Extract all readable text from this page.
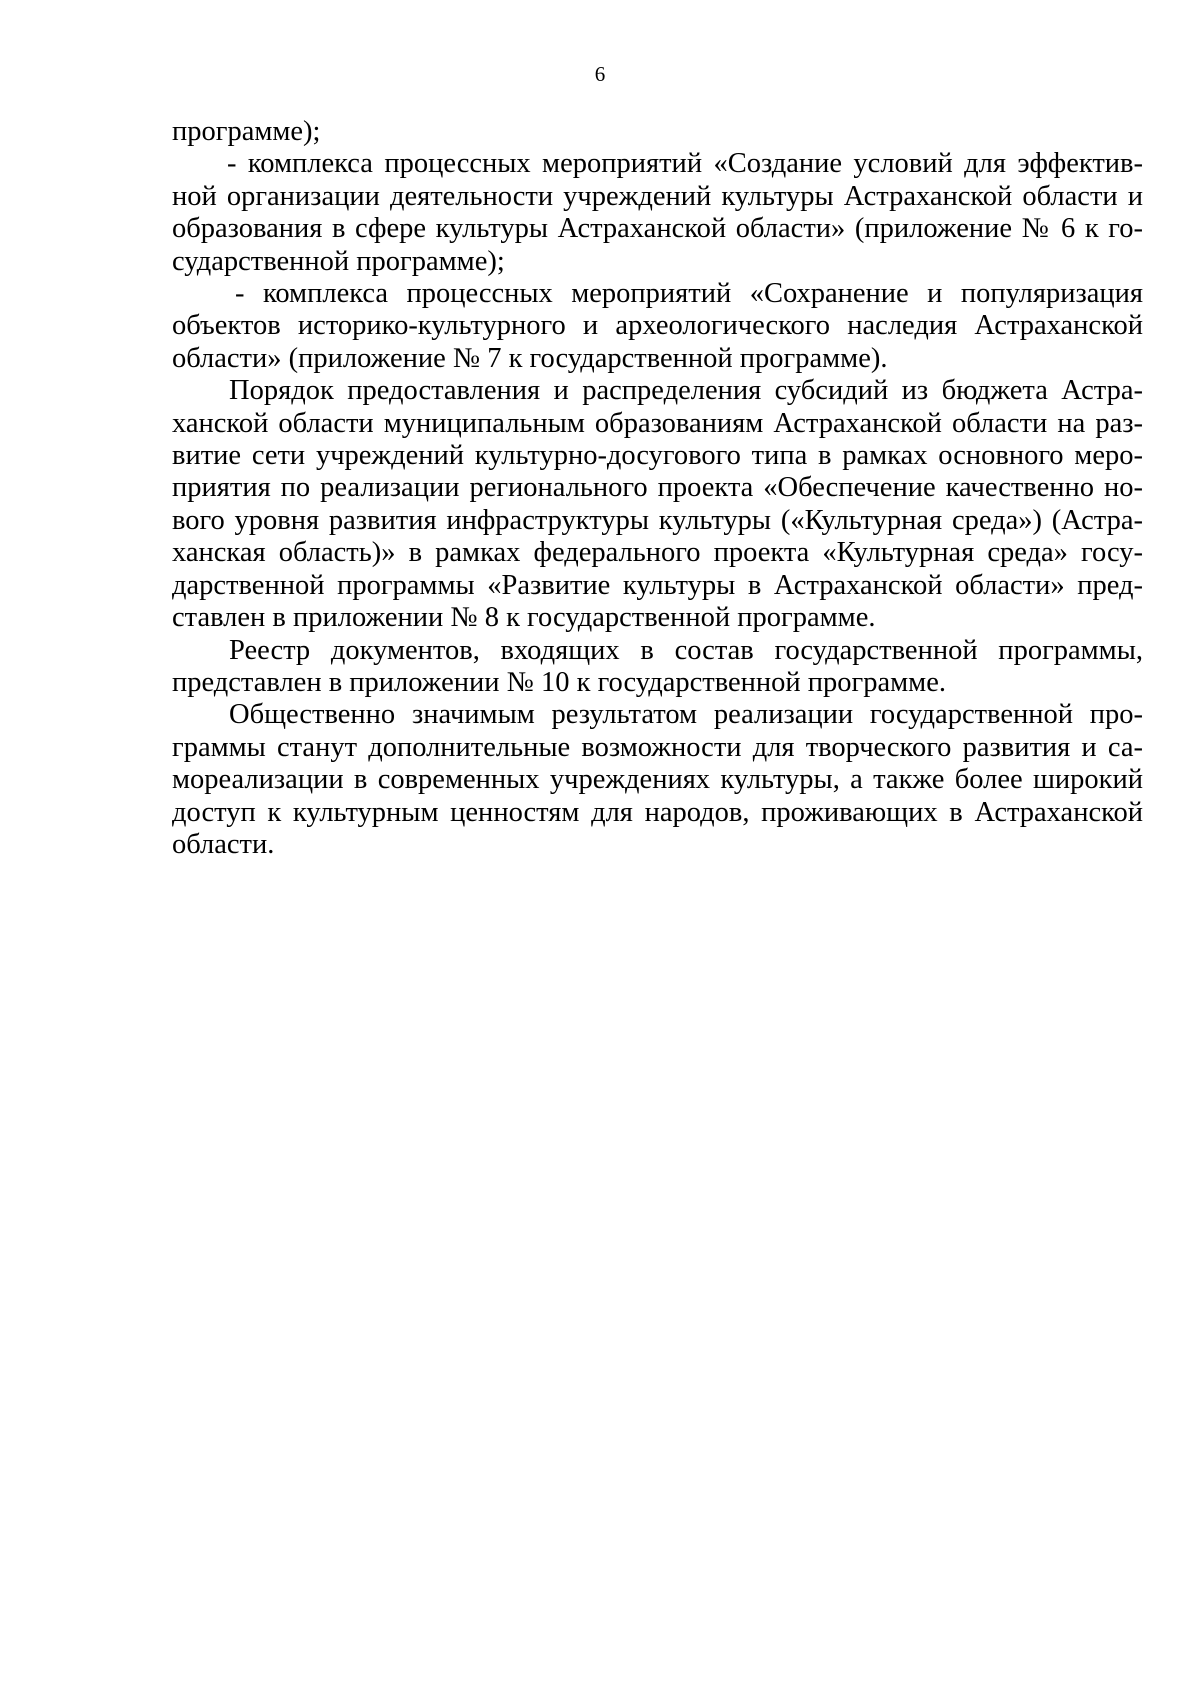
6

программе);

- комплекса процессных мероприятий «Создание условий для эффектив-
ной организации деятельности учреждений культуры Астраханской области и
образования в сфере культуры Астраханской области» (приложение № 6 к го-
сударственной программе);

- комплекса процессных мероприятий «Сохранение и популяризация
объектов историко-культурного и археологического наследия Астраханской
области» (приложение № 7 к государственной программе).

Порядок предоставления и распределения субсидий из бюджета Астра-
ханской области муниципальным образованиям Астраханской области на раз-
витие сети учреждений культурно-досугового типа в рамках основного меро-
приятия по реализации регионального проекта «Обеспечение качественно но-
вого уровня развития инфраструктуры культуры («Культурная среда») (Астра-
ханская область)» в рамках федерального проекта «Культурная среда» госу-
дарственной программы «Развитие культуры в Астраханской области» пред-
ставлен в приложении № 8 к государственной программе.

Реестр документов, входящих в состав государственной программы,
представлен в приложении № 10 к государственной программе.

Общественно значимым результатом реализации государственной про-
граммы станут дополнительные возможности для творческого развития и са-
мореализации в современных учреждениях культуры, а также более широкий
доступ к культурным ценностям для народов, проживающих в Астраханской
области.
